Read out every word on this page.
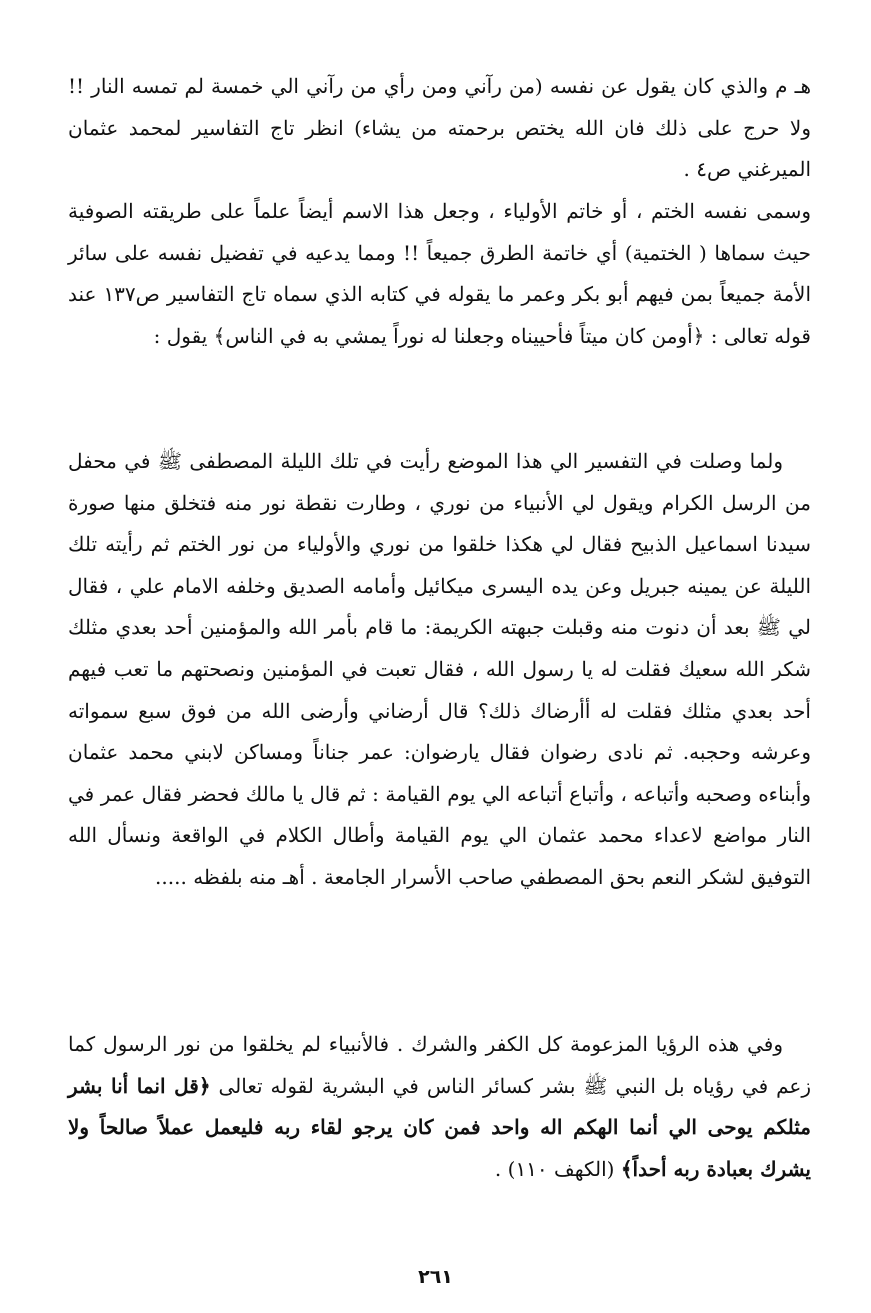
هـ م والذي كان يقول عن نفسه (من رآني ومن رأي من رآني الي خمسة لم تمسه النار !! ولا حرج على ذلك فان الله يختص برحمته من يشاء) انظر تاج التفاسير لمحمد عثمان الميرغني ص٤ .

وسمى نفسه الختم ، أو خاتم الأولياء ، وجعل هذا الاسم أيضاً علماً على طريقته الصوفية حيث سماها ( الختمية) أي خاتمة الطرق جميعاً !! ومما يدعيه في تفضيل نفسه على سائر الأمة جميعاً بمن فيهم أبو بكر وعمر ما يقوله في كتابه الذي سماه تاج التفاسير ص١٣٧ عند قوله تعالى : ﴿أومن كان ميتاً فأحييناه وجعلنا له نوراً يمشي به في الناس﴾ يقول :

ولما وصلت في التفسير الي هذا الموضع رأيت في تلك الليلة المصطفى ﷺ في محفل من الرسل الكرام ويقول لي الأنبياء من نوري ، وطارت نقطة نور منه فتخلق منها صورة سيدنا اسماعيل الذبيح فقال لي هكذا خلقوا من نوري والأولياء من نور الختم ثم رأيته تلك الليلة عن يمينه جبريل وعن يده اليسرى ميكائيل وأمامه الصديق وخلفه الامام علي ، فقال لي ﷺ بعد أن دنوت منه وقبلت جبهته الكريمة: ما قام بأمر الله والمؤمنين أحد بعدي مثلك شكر الله سعيك فقلت له يا رسول الله ، فقال تعبت في المؤمنين ونصحتهم ما تعب فيهم أحد بعدي مثلك فقلت له أأرضاك ذلك؟ قال أرضاني وأرضى الله من فوق سبع سمواته وعرشه وحجبه. ثم نادى رضوان فقال يارضوان: عمر جناناً ومساكن لابني محمد عثمان وأبناءه وصحبه وأتباعه ، وأتباع أتباعه الي يوم القيامة : ثم قال يا مالك فحضر فقال عمر في النار مواضع لاعداء محمد عثمان الي يوم القيامة وأطال الكلام في الواقعة ونسأل الله التوفيق لشكر النعم بحق المصطفي صاحب الأسرار الجامعة . أهـ منه بلفظه .....

وفي هذه الرؤيا المزعومة كل الكفر والشرك . فالأنبياء لم يخلقوا من نور الرسول كما زعم في رؤياه بل النبي ﷺ بشر كسائر الناس في البشرية لقوله تعالى ﴿قل انما أنا بشر مثلكم يوحى الي أنما الهكم اله واحد فمن كان يرجو لقاء ربه فليعمل عملاً صالحاً ولا يشرك بعبادة ربه أحداً﴾ (الكهف ١١٠) .

٢٦١
